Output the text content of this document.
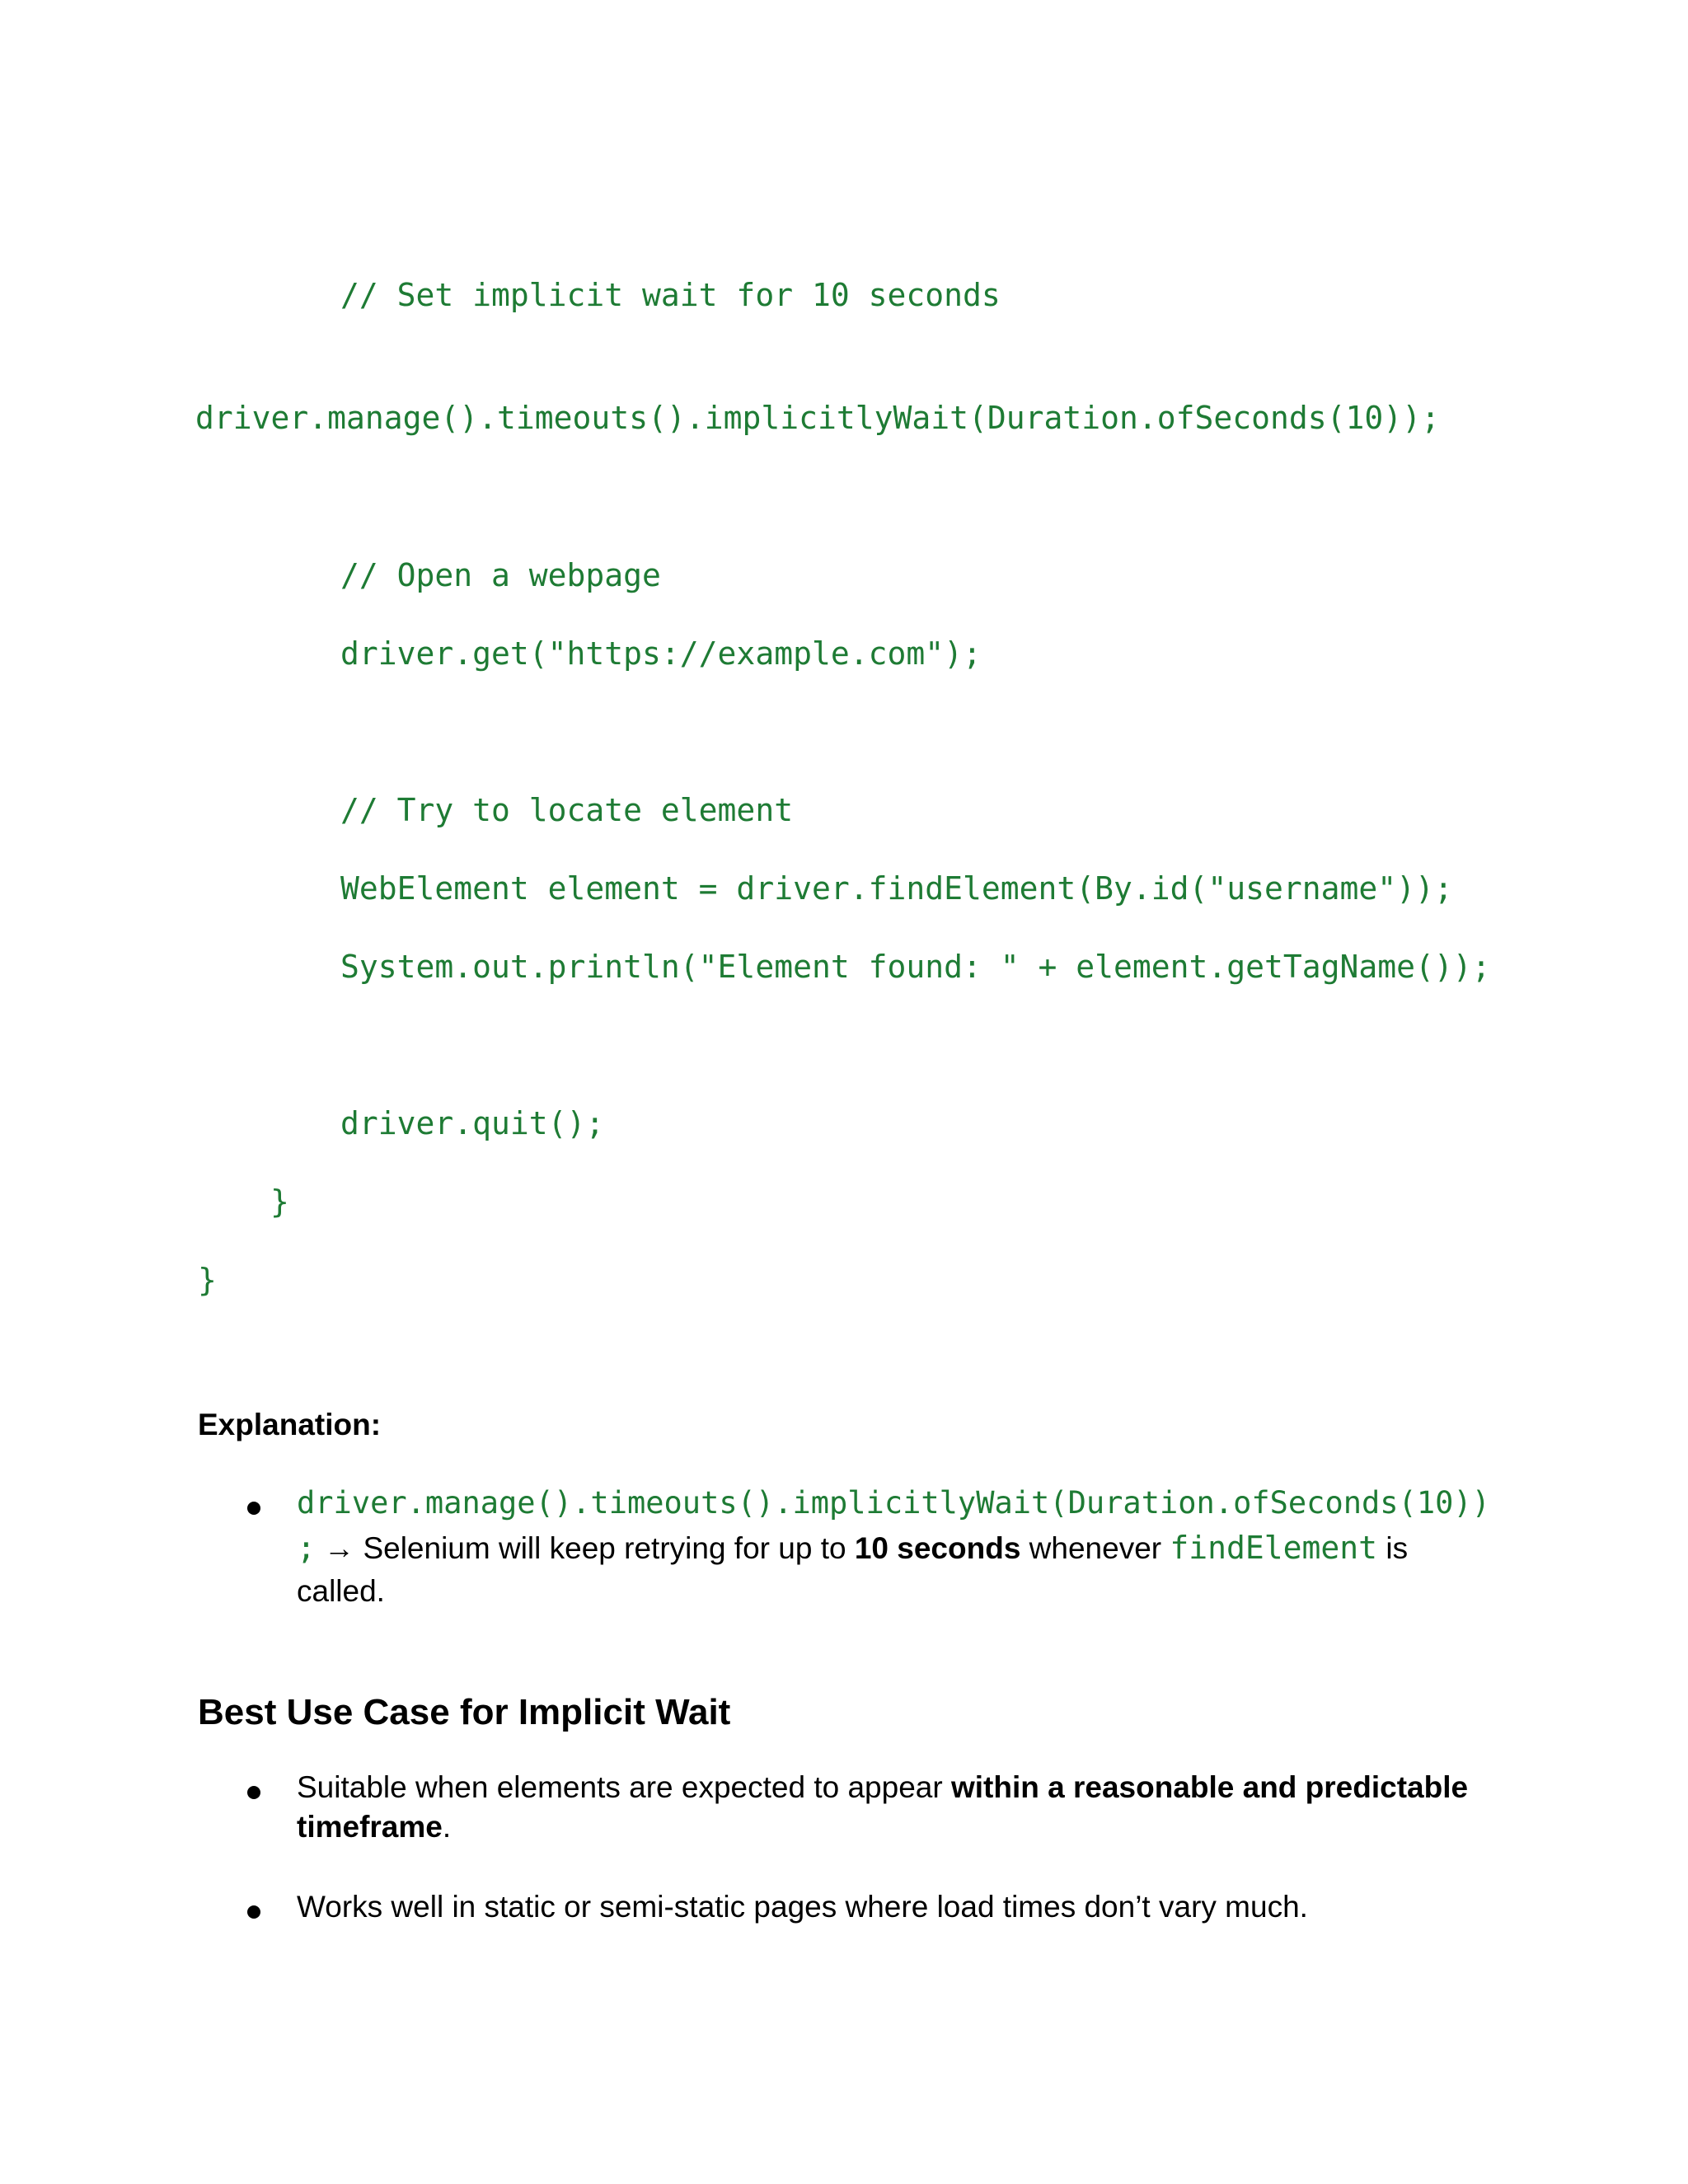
// Set implicit wait for 10 seconds
driver.manage().timeouts().implicitlyWait(Duration.ofSeconds(10));
// Open a webpage
driver.get("https://example.com");
// Try to locate element
WebElement element = driver.findElement(By.id("username"));
System.out.println("Element found: " + element.getTagName());
driver.quit();
}
}
Explanation:
driver.manage().timeouts().implicitlyWait(Duration.ofSeconds(10))
; → Selenium will keep retrying for up to 10 seconds whenever findElement is called.
Best Use Case for Implicit Wait
Suitable when elements are expected to appear within a reasonable and predictable timeframe.
Works well in static or semi-static pages where load times don’t vary much.
